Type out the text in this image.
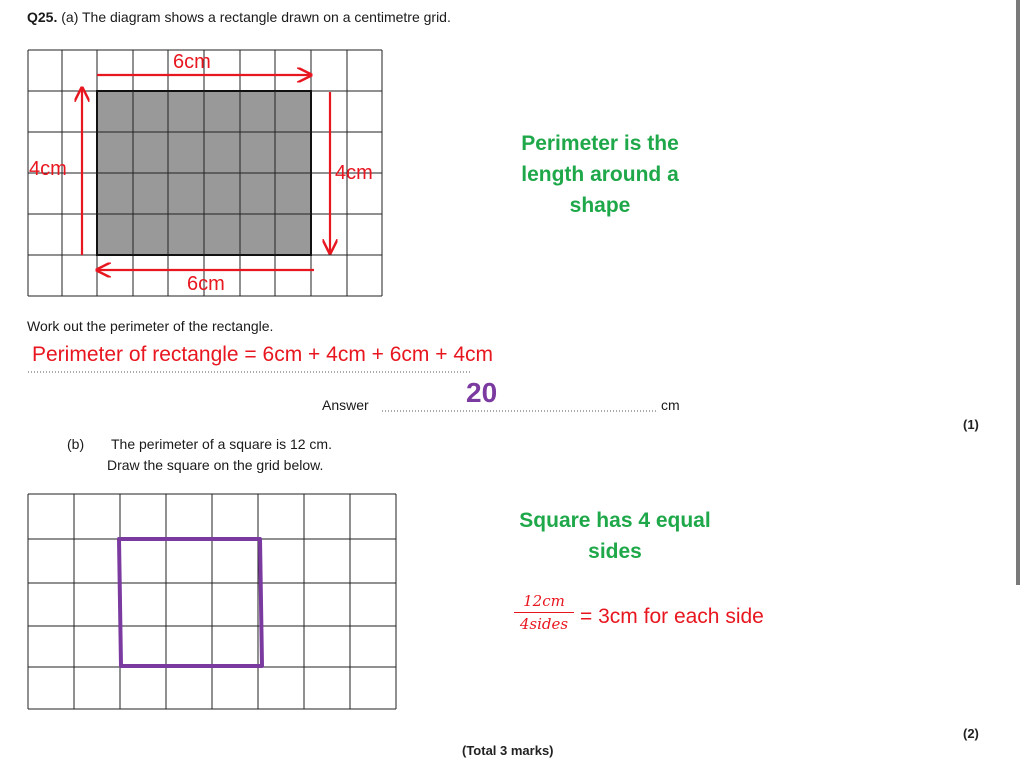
Q25. (a) The diagram shows a rectangle drawn on a centimetre grid.
6cm
4cm	4cm
6cm
Perimeter is the length around a shape
Work out the perimeter of the rectangle.
Perimeter of rectangle = 6cm + 4cm + 6cm + 4cm
Answer	20	cm
(1)
(b) The perimeter of a square is 12 cm.
Draw the square on the grid below.
Square has 4 equal sides
12cm
4sides = 3cm for each side
(2)
(Total 3 marks)
